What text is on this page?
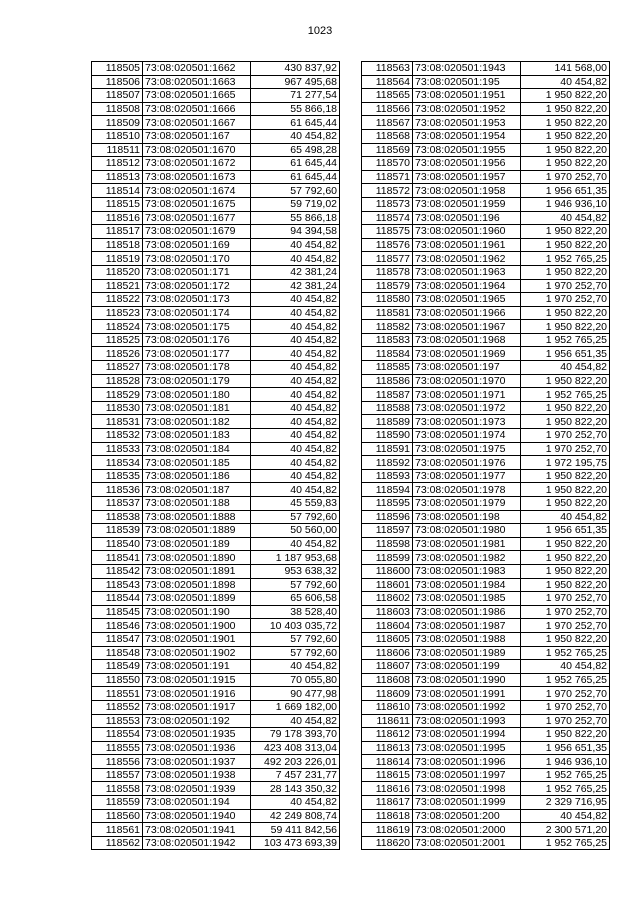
1023
118505	73:08:020501:1662	430 837,92
118506	73:08:020501:1663	967 495,68
118507	73:08:020501:1665	71 277,54
118508	73:08:020501:1666	55 866,18
118509	73:08:020501:1667	61 645,44
118510	73:08:020501:167	40 454,82
118511	73:08:020501:1670	65 498,28
118512	73:08:020501:1672	61 645,44
118513	73:08:020501:1673	61 645,44
118514	73:08:020501:1674	57 792,60
118515	73:08:020501:1675	59 719,02
118516	73:08:020501:1677	55 866,18
118517	73:08:020501:1679	94 394,58
118518	73:08:020501:169	40 454,82
118519	73:08:020501:170	40 454,82
118520	73:08:020501:171	42 381,24
118521	73:08:020501:172	42 381,24
118522	73:08:020501:173	40 454,82
118523	73:08:020501:174	40 454,82
118524	73:08:020501:175	40 454,82
118525	73:08:020501:176	40 454,82
118526	73:08:020501:177	40 454,82
118527	73:08:020501:178	40 454,82
118528	73:08:020501:179	40 454,82
118529	73:08:020501:180	40 454,82
118530	73:08:020501:181	40 454,82
118531	73:08:020501:182	40 454,82
118532	73:08:020501:183	40 454,82
118533	73:08:020501:184	40 454,82
118534	73:08:020501:185	40 454,82
118535	73:08:020501:186	40 454,82
118536	73:08:020501:187	40 454,82
118537	73:08:020501:188	45 559,83
118538	73:08:020501:1888	57 792,60
118539	73:08:020501:1889	50 560,00
118540	73:08:020501:189	40 454,82
118541	73:08:020501:1890	1 187 953,68
118542	73:08:020501:1891	953 638,32
118543	73:08:020501:1898	57 792,60
118544	73:08:020501:1899	65 606,58
118545	73:08:020501:190	38 528,40
118546	73:08:020501:1900	10 403 035,72
118547	73:08:020501:1901	57 792,60
118548	73:08:020501:1902	57 792,60
118549	73:08:020501:191	40 454,82
118550	73:08:020501:1915	70 055,80
118551	73:08:020501:1916	90 477,98
118552	73:08:020501:1917	1 669 182,00
118553	73:08:020501:192	40 454,82
118554	73:08:020501:1935	79 178 393,70
118555	73:08:020501:1936	423 408 313,04
118556	73:08:020501:1937	492 203 226,01
118557	73:08:020501:1938	7 457 231,77
118558	73:08:020501:1939	28 143 350,32
118559	73:08:020501:194	40 454,82
118560	73:08:020501:1940	42 249 808,74
118561	73:08:020501:1941	59 411 842,56
118562	73:08:020501:1942	103 473 693,39
118563	73:08:020501:1943	141 568,00
118564	73:08:020501:195	40 454,82
118565	73:08:020501:1951	1 950 822,20
118566	73:08:020501:1952	1 950 822,20
118567	73:08:020501:1953	1 950 822,20
118568	73:08:020501:1954	1 950 822,20
118569	73:08:020501:1955	1 950 822,20
118570	73:08:020501:1956	1 950 822,20
118571	73:08:020501:1957	1 970 252,70
118572	73:08:020501:1958	1 956 651,35
118573	73:08:020501:1959	1 946 936,10
118574	73:08:020501:196	40 454,82
118575	73:08:020501:1960	1 950 822,20
118576	73:08:020501:1961	1 950 822,20
118577	73:08:020501:1962	1 952 765,25
118578	73:08:020501:1963	1 950 822,20
118579	73:08:020501:1964	1 970 252,70
118580	73:08:020501:1965	1 970 252,70
118581	73:08:020501:1966	1 950 822,20
118582	73:08:020501:1967	1 950 822,20
118583	73:08:020501:1968	1 952 765,25
118584	73:08:020501:1969	1 956 651,35
118585	73:08:020501:197	40 454,82
118586	73:08:020501:1970	1 950 822,20
118587	73:08:020501:1971	1 952 765,25
118588	73:08:020501:1972	1 950 822,20
118589	73:08:020501:1973	1 950 822,20
118590	73:08:020501:1974	1 970 252,70
118591	73:08:020501:1975	1 970 252,70
118592	73:08:020501:1976	1 972 195,75
118593	73:08:020501:1977	1 950 822,20
118594	73:08:020501:1978	1 950 822,20
118595	73:08:020501:1979	1 950 822,20
118596	73:08:020501:198	40 454,82
118597	73:08:020501:1980	1 956 651,35
118598	73:08:020501:1981	1 950 822,20
118599	73:08:020501:1982	1 950 822,20
118600	73:08:020501:1983	1 950 822,20
118601	73:08:020501:1984	1 950 822,20
118602	73:08:020501:1985	1 970 252,70
118603	73:08:020501:1986	1 970 252,70
118604	73:08:020501:1987	1 970 252,70
118605	73:08:020501:1988	1 950 822,20
118606	73:08:020501:1989	1 952 765,25
118607	73:08:020501:199	40 454,82
118608	73:08:020501:1990	1 952 765,25
118609	73:08:020501:1991	1 970 252,70
118610	73:08:020501:1992	1 970 252,70
118611	73:08:020501:1993	1 970 252,70
118612	73:08:020501:1994	1 950 822,20
118613	73:08:020501:1995	1 956 651,35
118614	73:08:020501:1996	1 946 936,10
118615	73:08:020501:1997	1 952 765,25
118616	73:08:020501:1998	1 952 765,25
118617	73:08:020501:1999	2 329 716,95
118618	73:08:020501:200	40 454,82
118619	73:08:020501:2000	2 300 571,20
118620	73:08:020501:2001	1 952 765,25
